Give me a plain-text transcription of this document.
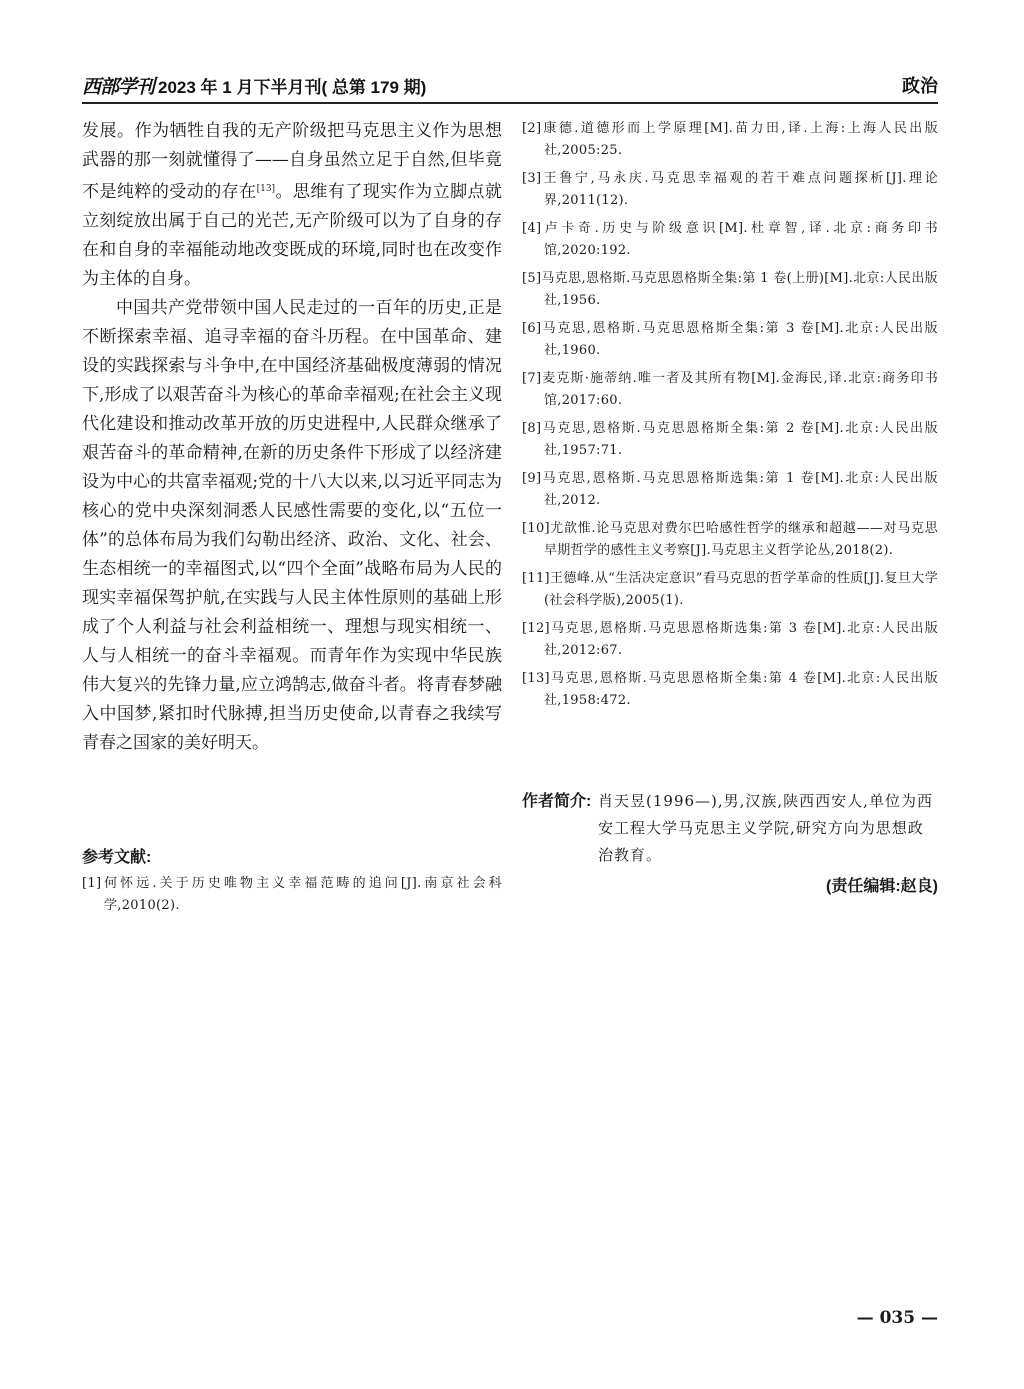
西部学刊 2023 年 1 月下半月刊( 总第 179 期)	政治

发展。作为牺牲自我的无产阶级把马克思主义作为思想武器的那一刻就懂得了——自身虽然立足于自然,但毕竟不是纯粹的受动的存在[13]。思维有了现实作为立脚点就立刻绽放出属于自己的光芒,无产阶级可以为了自身的存在和自身的幸福能动地改变既成的环境,同时也在改变作为主体的自身。

中国共产党带领中国人民走过的一百年的历史,正是不断探索幸福、追寻幸福的奋斗历程。在中国革命、建设的实践探索与斗争中,在中国经济基础极度薄弱的情况下,形成了以艰苦奋斗为核心的革命幸福观;在社会主义现代化建设和推动改革开放的历史进程中,人民群众继承了艰苦奋斗的革命精神,在新的历史条件下形成了以经济建设为中心的共富幸福观;党的十八大以来,以习近平同志为核心的党中央深刻洞悉人民感性需要的变化,以“五位一体”的总体布局为我们勾勒出经济、政治、文化、社会、生态相统一的幸福图式,以“四个全面”战略布局为人民的现实幸福保驾护航,在实践与人民主体性原则的基础上形成了个人利益与社会利益相统一、理想与现实相统一、人与人相统一的奋斗幸福观。而青年作为实现中华民族伟大复兴的先锋力量,应立鸿鹄志,做奋斗者。将青春梦融入中国梦,紧扣时代脉搏,担当历史使命,以青春之我续写青春之国家的美好明天。

参考文献:

[1]何怀远.关于历史唯物主义幸福范畴的追问[J].南京社会科学,2010(2).

[2]康德.道德形而上学原理[M].苗力田,译.上海:上海人民出版社,2005:25.

[3]王鲁宁,马永庆.马克思幸福观的若干难点问题探析[J].理论界,2011(12).

[4]卢卡奇.历史与阶级意识[M].杜章智,译.北京:商务印书馆,2020:192.

[5]马克思,恩格斯.马克思恩格斯全集:第 1 卷(上册)[M].北京:人民出版社,1956.

[6]马克思,恩格斯.马克思恩格斯全集:第 3 卷[M].北京:人民出版社,1960.

[7]麦克斯·施蒂纳.唯一者及其所有物[M].金海民,译.北京:商务印书馆,2017:60.

[8]马克思,恩格斯.马克思恩格斯全集:第 2 卷[M].北京:人民出版社,1957:71.

[9]马克思,恩格斯.马克思恩格斯选集:第 1 卷[M].北京:人民出版社,2012.

[10]尤歆惟.论马克思对费尔巴哈感性哲学的继承和超越——对马克思早期哲学的感性主义考察[J].马克思主义哲学论丛,2018(2).

[11]王德峰.从“生活决定意识”看马克思的哲学革命的性质[J].复旦大学(社会科学版),2005(1).

[12]马克思,恩格斯.马克思恩格斯选集:第 3 卷[M].北京:人民出版社,2012:67.

[13]马克思,恩格斯.马克思恩格斯全集:第 4 卷[M].北京:人民出版社,1958:472.

作者简介: 肖天昱(1996—),男,汉族,陕西西安人,单位为西安工程大学马克思主义学院,研究方向为思想政治教育。
(责任编辑:赵良)
— 035 —
